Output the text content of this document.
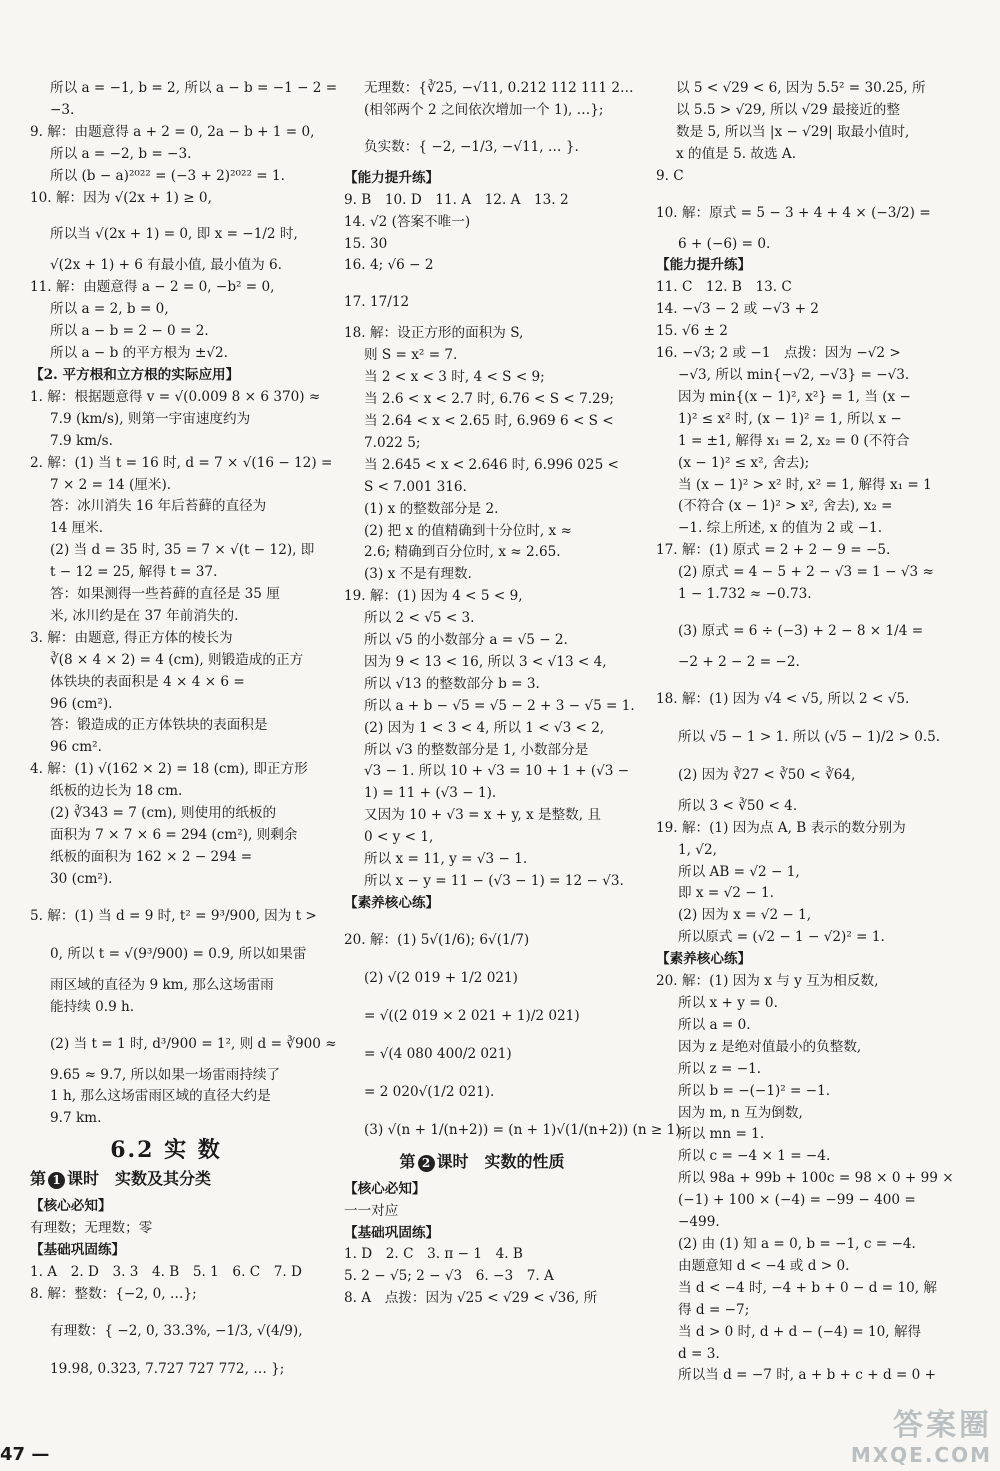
所以 a = −1, b = 2, 所以 a − b = −1 − 2 =
−3.
9. 解：由题意得 a + 2 = 0, 2a − b + 1 = 0,
所以 a = −2, b = −3.
所以 (b − a)²⁰²² = (−3 + 2)²⁰²² = 1.
10. 解：因为 √(2x + 1) ≥ 0,
所以当 √(2x + 1) = 0, 即 x = −1/2 时,
√(2x + 1) + 6 有最小值, 最小值为 6.
11. 解：由题意得 a − 2 = 0, −b² = 0,
所以 a = 2, b = 0,
所以 a − b = 2 − 0 = 2.
所以 a − b 的平方根为 ±√2.
【2. 平方根和立方根的实际应用】
1. 解：根据题意得 v = √(0.009 8 × 6 370) ≈
7.9 (km/s), 则第一宇宙速度约为
7.9 km/s.
2. 解：(1) 当 t = 16 时, d = 7 × √(16 − 12) =
7 × 2 = 14 (厘米).
答：冰川消失 16 年后苔藓的直径为
14 厘米.
(2) 当 d = 35 时, 35 = 7 × √(t − 12), 即
t − 12 = 25, 解得 t = 37.
答：如果测得一些苔藓的直径是 35 厘
米, 冰川约是在 37 年前消失的.
3. 解：由题意, 得正方体的棱长为
∛(8 × 4 × 2) = 4 (cm), 则锻造成的正方
体铁块的表面积是 4 × 4 × 6 =
96 (cm²).
答：锻造成的正方体铁块的表面积是
96 cm².
4. 解：(1) √(162 × 2) = 18 (cm), 即正方形
纸板的边长为 18 cm.
(2) ∛343 = 7 (cm), 则使用的纸板的
面积为 7 × 7 × 6 = 294 (cm²), 则剩余
纸板的面积为 162 × 2 − 294 =
30 (cm²).
5. 解：(1) 当 d = 9 时, t² = 9³/900, 因为 t >
0, 所以 t = √(9³/900) = 0.9, 所以如果雷
雨区域的直径为 9 km, 那么这场雷雨
能持续 0.9 h.
(2) 当 t = 1 时, d³/900 = 1², 则 d = ∛900 ≈
9.65 ≈ 9.7, 所以如果一场雷雨持续了
1 h, 那么这场雷雨区域的直径大约是
9.7 km.
6.2 实 数
第 1 课时　实数及其分类
【核心必知】
有理数；无理数；零
【基础巩固练】
1. A　2. D　3. 3　4. B　5. 1　6. C　7. D
8. 解：整数：{−2, 0, …};
有理数：{ −2, 0, 33.3%, −1/3, √(4/9),
19.98, 0.3̇23̇, 7.727 727 772, … };
无理数：{∛25, −√11, 0.212 112 111 2…
(相邻两个 2 之间依次增加一个 1), …};
负实数：{ −2, −1/3, −√11, … }.
【能力提升练】
9. B　10. D　11. A　12. A　13. 2
14. √2 (答案不唯一)
15. 30
16. 4; √6 − 2
17. 17/12
18. 解：设正方形的面积为 S,
则 S = x² = 7.
当 2 < x < 3 时, 4 < S < 9;
当 2.6 < x < 2.7 时, 6.76 < S < 7.29;
当 2.64 < x < 2.65 时, 6.969 6 < S <
7.022 5;
当 2.645 < x < 2.646 时, 6.996 025 <
S < 7.001 316.
(1) x 的整数部分是 2.
(2) 把 x 的值精确到十分位时, x ≈
2.6; 精确到百分位时, x ≈ 2.65.
(3) x 不是有理数.
19. 解：(1) 因为 4 < 5 < 9,
所以 2 < √5 < 3.
所以 √5 的小数部分 a = √5 − 2.
因为 9 < 13 < 16, 所以 3 < √13 < 4,
所以 √13 的整数部分 b = 3.
所以 a + b − √5 = √5 − 2 + 3 − √5 = 1.
(2) 因为 1 < 3 < 4, 所以 1 < √3 < 2,
所以 √3 的整数部分是 1, 小数部分是
√3 − 1. 所以 10 + √3 = 10 + 1 + (√3 −
1) = 11 + (√3 − 1).
又因为 10 + √3 = x + y, x 是整数, 且
0 < y < 1,
所以 x = 11, y = √3 − 1.
所以 x − y = 11 − (√3 − 1) = 12 − √3.
【素养核心练】
20. 解：(1) 5√(1/6); 6√(1/7)
(2) √(2 019 + 1/2 021)
= √((2 019 × 2 021 + 1)/2 021)
= √(4 080 400/2 021)
= 2 020√(1/2 021).
(3) √(n + 1/(n+2)) = (n + 1)√(1/(n+2)) (n ≥ 1).
第 2 课时　实数的性质
【核心必知】
一一对应
【基础巩固练】
1. D　2. C　3. π − 1　4. B
5. 2 − √5; 2 − √3　6. −3　7. A
8. A　点拨：因为 √25 < √29 < √36, 所
以 5 < √29 < 6, 因为 5.5² = 30.25, 所
以 5.5 > √29, 所以 √29 最接近的整
数是 5, 所以当 |x − √29| 取最小值时,
x 的值是 5. 故选 A.
9. C
10. 解：原式 = 5 − 3 + 4 + 4 × (−3/2) =
6 + (−6) = 0.
【能力提升练】
11. C　12. B　13. C
14. −√3 − 2 或 −√3 + 2
15. √6 ± 2
16. −√3; 2 或 −1　点拨：因为 −√2 >
−√3, 所以 min{−√2, −√3} = −√3.
因为 min{(x − 1)², x²} = 1, 当 (x −
1)² ≤ x² 时, (x − 1)² = 1, 所以 x −
1 = ±1, 解得 x₁ = 2, x₂ = 0 (不符合
(x − 1)² ≤ x², 舍去);
当 (x − 1)² > x² 时, x² = 1, 解得 x₁ = 1
(不符合 (x − 1)² > x², 舍去), x₂ =
−1. 综上所述, x 的值为 2 或 −1.
17. 解：(1) 原式 = 2 + 2 − 9 = −5.
(2) 原式 = 4 − 5 + 2 − √3 = 1 − √3 ≈
1 − 1.732 ≈ −0.73.
(3) 原式 = 6 ÷ (−3) + 2 − 8 × 1/4 =
−2 + 2 − 2 = −2.
18. 解：(1) 因为 √4 < √5, 所以 2 < √5.
所以 √5 − 1 > 1. 所以 (√5 − 1)/2 > 0.5.
(2) 因为 ∛27 < ∛50 < ∛64,
所以 3 < ∛50 < 4.
19. 解：(1) 因为点 A, B 表示的数分别为
1, √2,
所以 AB = √2 − 1,
即 x = √2 − 1.
(2) 因为 x = √2 − 1,
所以原式 = (√2 − 1 − √2)² = 1.
【素养核心练】
20. 解：(1) 因为 x 与 y 互为相反数,
所以 x + y = 0.
所以 a = 0.
因为 z 是绝对值最小的负整数,
所以 z = −1.
所以 b = −(−1)² = −1.
因为 m, n 互为倒数,
所以 mn = 1.
所以 c = −4 × 1 = −4.
所以 98a + 99b + 100c = 98 × 0 + 99 ×
(−1) + 100 × (−4) = −99 − 400 =
−499.
(2) 由 (1) 知 a = 0, b = −1, c = −4.
由题意知 d < −4 或 d > 0.
当 d < −4 时, −4 + b + 0 − d = 10, 解
得 d = −7;
当 d > 0 时, d + d − (−4) = 10, 解得
d = 3.
所以当 d = −7 时, a + b + c + d = 0 +
47 —
答案圈
MXQE.COM
